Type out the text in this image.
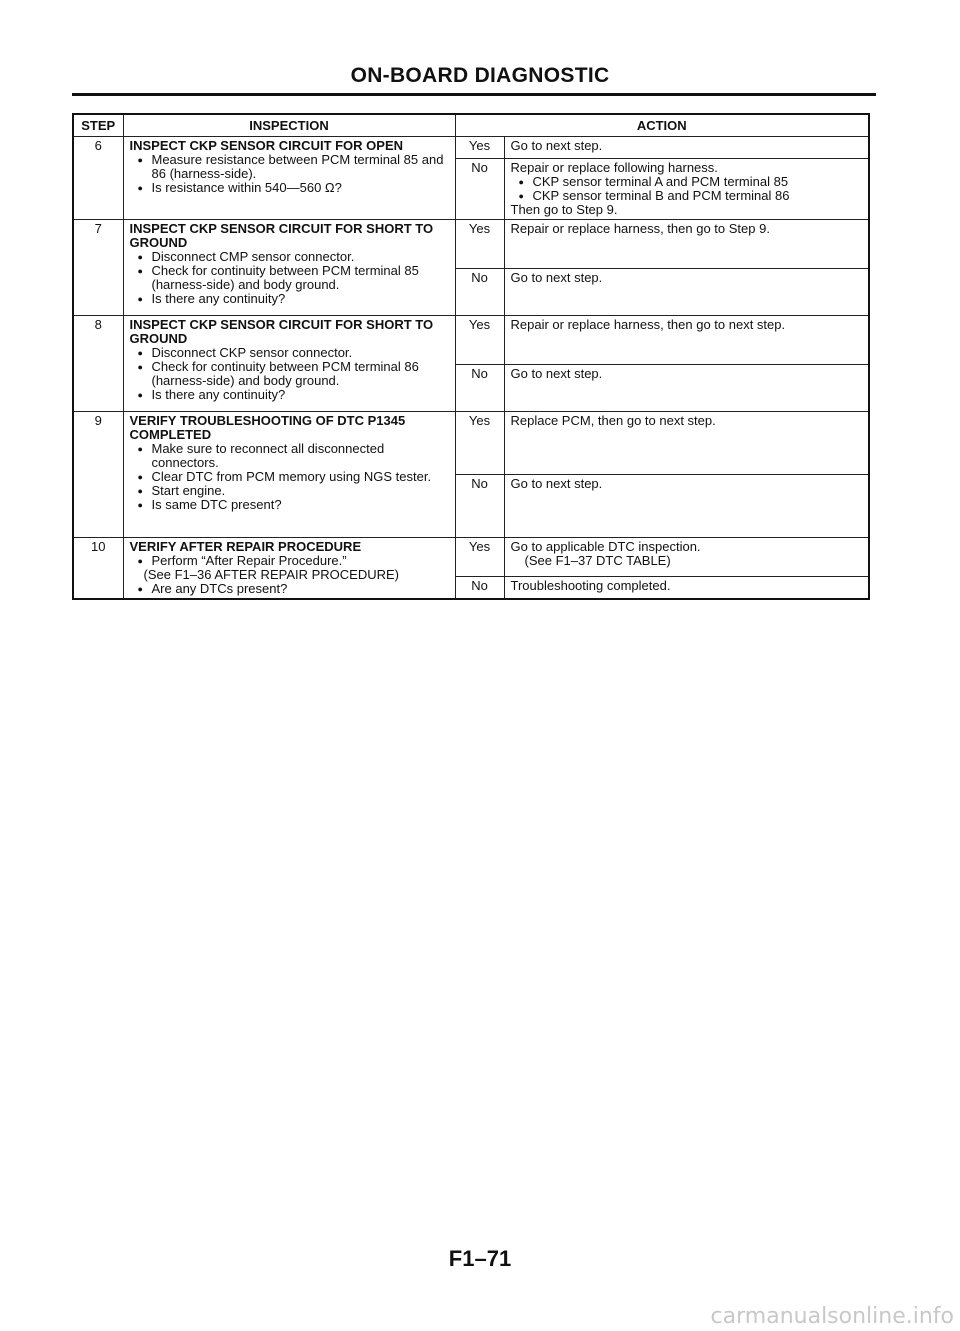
ON-BOARD DIAGNOSTIC
STEP	INSPECTION	ACTION	
6	INSPECT CKP SENSOR CIRCUIT FOR OPEN
● Measure resistance between PCM terminal 85 and 86 (harness-side).
● Is resistance within 540—560 Ω?	Yes	Go to next step.
		No	Repair or replace following harness.
● CKP sensor terminal A and PCM terminal 85
● CKP sensor terminal B and PCM terminal 86
Then go to Step 9.

7	INSPECT CKP SENSOR CIRCUIT FOR SHORT TO GROUND
● Disconnect CMP sensor connector.
● Check for continuity between PCM terminal 85 (harness-side) and body ground.
● Is there any continuity?	Yes	Repair or replace harness, then go to Step 9.
		No	Go to next step.
8	INSPECT CKP SENSOR CIRCUIT FOR SHORT TO GROUND
● Disconnect CKP sensor connector.
● Check for continuity between PCM terminal 86 (harness-side) and body ground.
● Is there any continuity?	Yes	Repair or replace harness, then go to next step.
		No	Go to next step.
9	VERIFY TROUBLESHOOTING OF DTC P1345 COMPLETED
● Make sure to reconnect all disconnected connectors.
● Clear DTC from PCM memory using NGS tester.
● Start engine.
● Is same DTC present?	Yes	Replace PCM, then go to next step.
		No	Go to next step.
10	VERIFY AFTER REPAIR PROCEDURE
● Perform “After Repair Procedure.”
(See F1–36 AFTER REPAIR PROCEDURE)
● Are any DTCs present?	Yes	Go to applicable DTC inspection.
(See F1–37 DTC TABLE)

		No	Troubleshooting completed.
F1–71
carmanualsonline.info
